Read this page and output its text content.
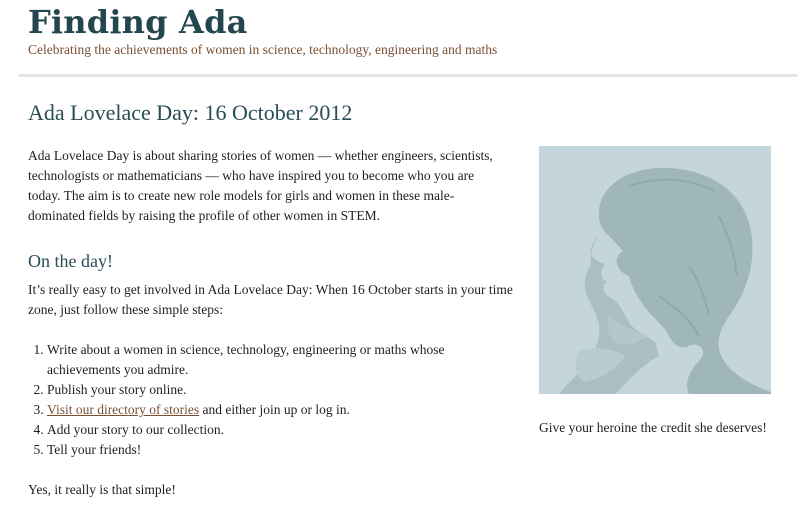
Finding Ada
Celebrating the achievements of women in science, technology, engineering and maths
Ada Lovelace Day: 16 October 2012

Ada Lovelace Day is about sharing stories of women — whether engineers, scientists, technologists or mathematicians — who have inspired you to become who you are today. The aim is to create new role models for girls and women in these male-dominated fields by raising the profile of other women in STEM.

On the day!

It’s really easy to get involved in Ada Lovelace Day: When 16 October starts in your time zone, just follow these simple steps:

1. Write about a women in science, technology, engineering or maths whose achievements you admire.
2. Publish your story online.
3. Visit our directory of stories and either join up or log in.
4. Add your story to our collection.
5. Tell your friends!

Yes, it really is that simple!

Give your heroine the credit she deserves!
